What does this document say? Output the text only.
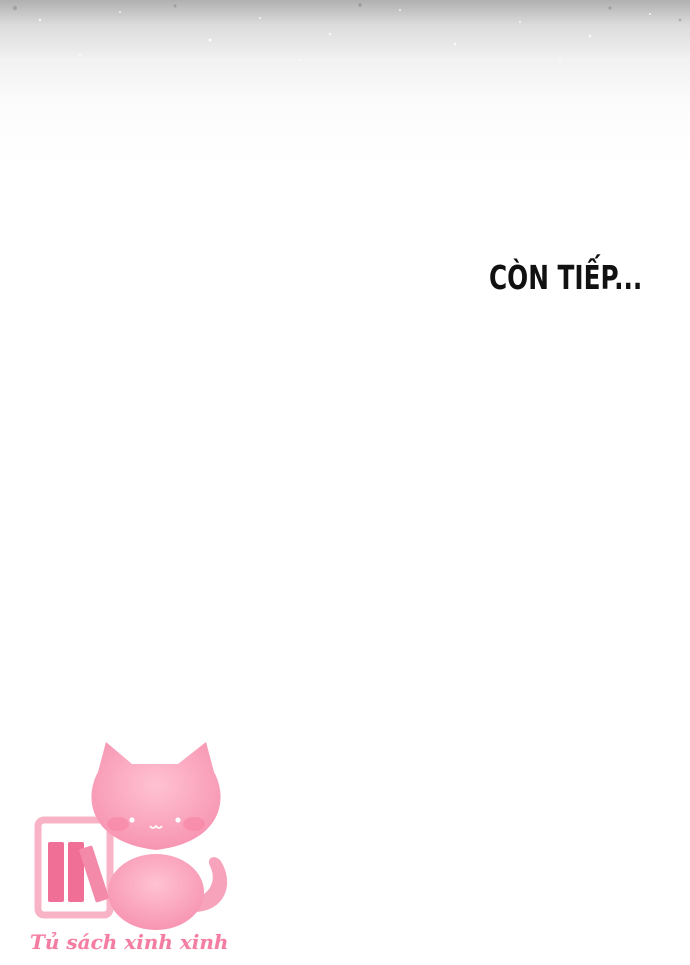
CÒN TIẾP...
Tủ sách xinh xinh
